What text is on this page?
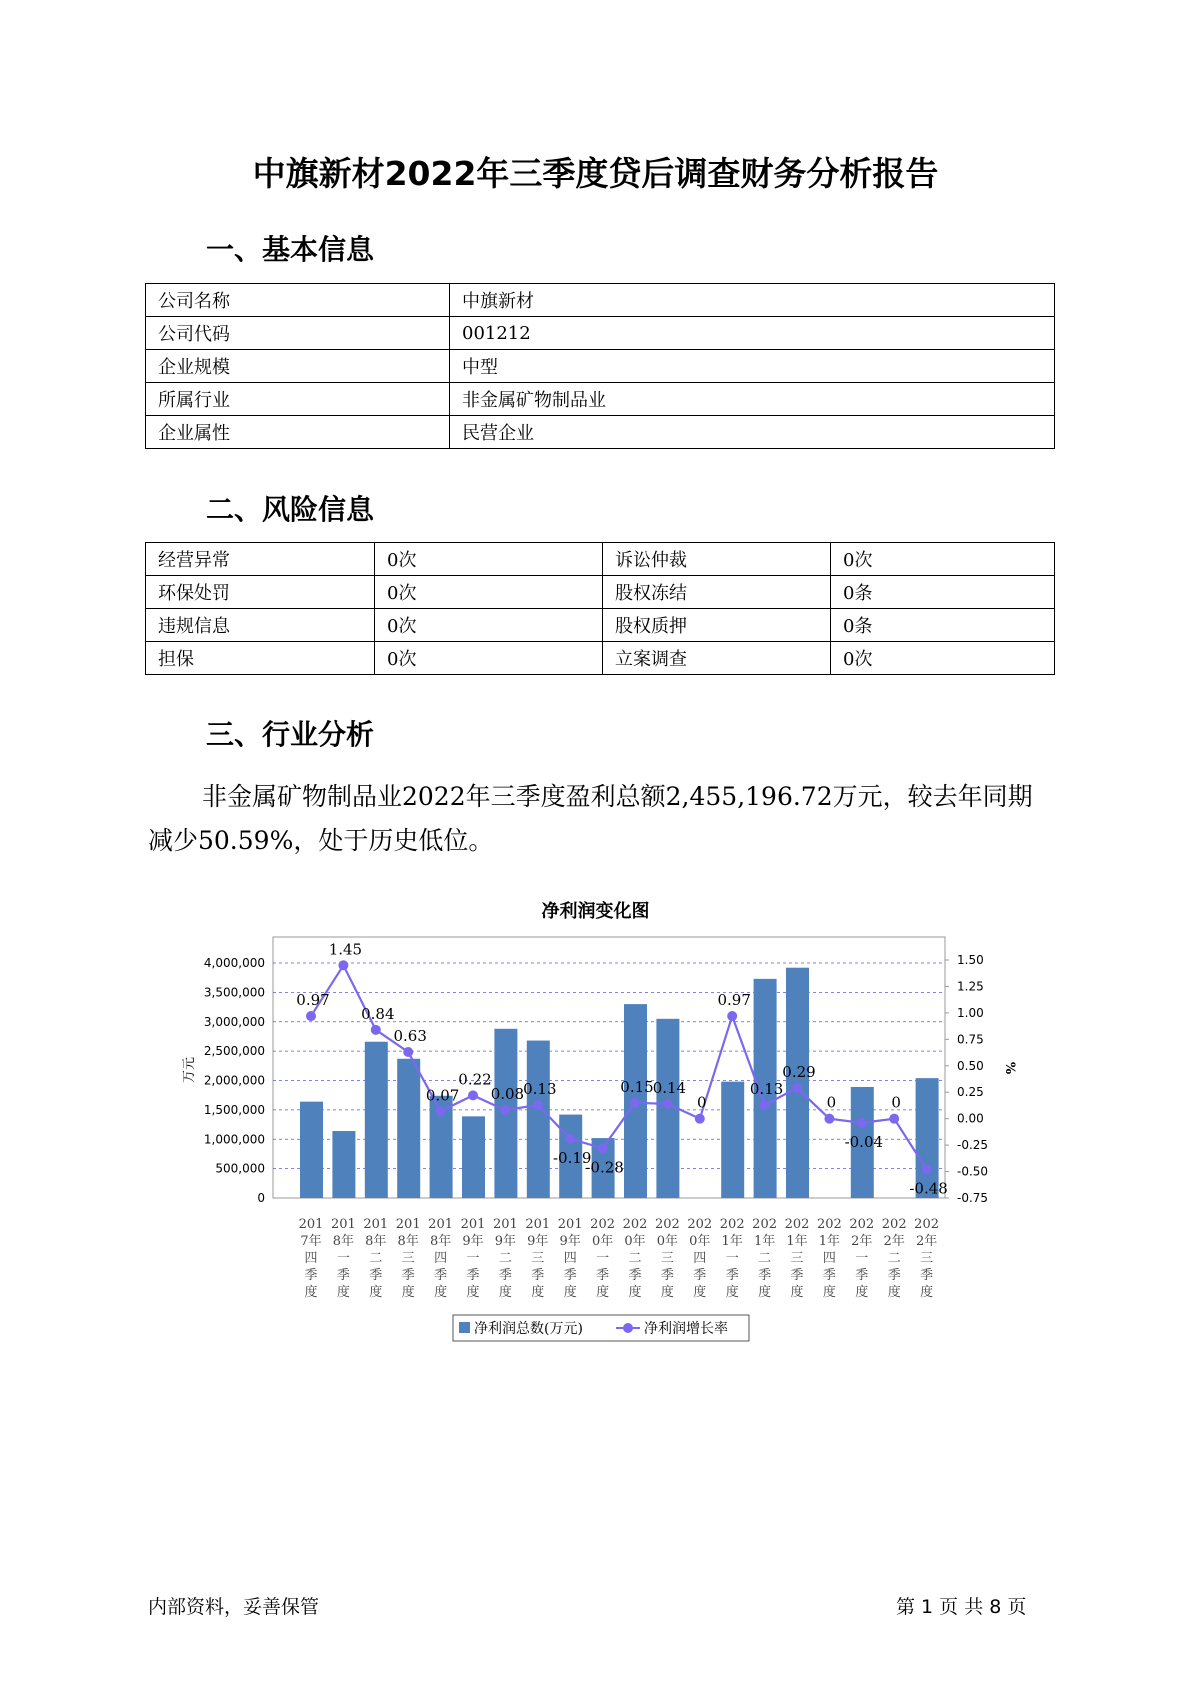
中旗新材2022年三季度贷后调查财务分析报告
一、基本信息
公司名称	中旗新材
公司代码	001212
企业规模	中型
所属行业	非金属矿物制品业
企业属性	民营企业
二、风险信息
经营异常	0次	诉讼仲裁	0次
环保处罚	0次	股权冻结	0条
违规信息	0次	股权质押	0条
担保	0次	立案调查	0次
三、行业分析

非金属矿物制品业2022年三季度盈利总额2,455,196.72万元，较去年同期减少50.59%，处于历史低位。

净利润变化图
0
500,000
1,000,000
1,500,000
2,000,000
2,500,000
3,000,000
3,500,000
4,000,000
-0.75
-0.50
-0.25
0.00
0.25
0.50
0.75
1.00
1.25
1.50
万元	%
0.97
1.45
0.84
0.63
0.07
0.22
0.08
0.13
-0.19
-0.28
0.15
0.14
0
0.97
0.13
0.29
0
-0.04
0
-0.48
201 7年四季度
201 8年一季度
201 8年二季度
201 8年三季度
201 8年四季度
201 9年一季度
201 9年二季度
201 9年三季度
201 9年四季度
202 0年一季度
202 0年二季度
202 0年三季度
202 0年四季度
202 1年一季度
202 1年二季度
202 1年三季度
202 1年四季度
202 2年一季度
202 2年二季度
202 2年三季度
净利润总数(万元)	净利润增长率
内部资料，妥善保管	第 1 页 共 8 页
